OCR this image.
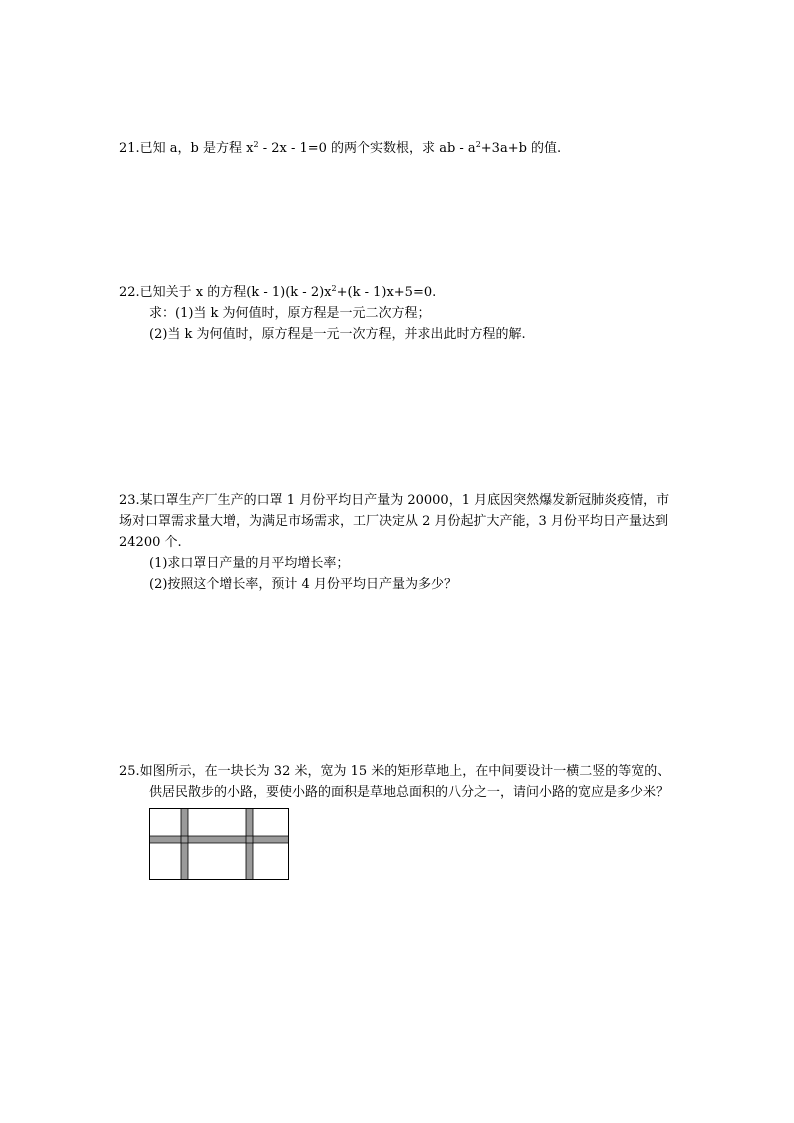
21.已知 a，b 是方程 $x^2 - 2x - 1=0$ 的两个实数根，求 ab - $a^2+3a+b$ 的值.
22.已知关于 x 的方程$(k - 1)(k - 2)x^2+(k - 1)x+5=0$.
求：(1)当 k 为何值时，原方程是一元二次方程；
(2)当 k 为何值时，原方程是一元一次方程，并求出此时方程的解.
23.某口罩生产厂生产的口罩 1 月份平均日产量为 20000，1 月底因突然爆发新冠肺炎疫情，市
场对口罩需求量大增，为满足市场需求，工厂决定从 2 月份起扩大产能，3 月份平均日产量达到
24200 个.
(1)求口罩日产量的月平均增长率；
(2)按照这个增长率，预计 4 月份平均日产量为多少？
25.如图所示，在一块长为 32 米，宽为 15 米的矩形草地上，在中间要设计一横二竖的等宽的、
供居民散步的小路，要使小路的面积是草地总面积的八分之一，请问小路的宽应是多少米？
